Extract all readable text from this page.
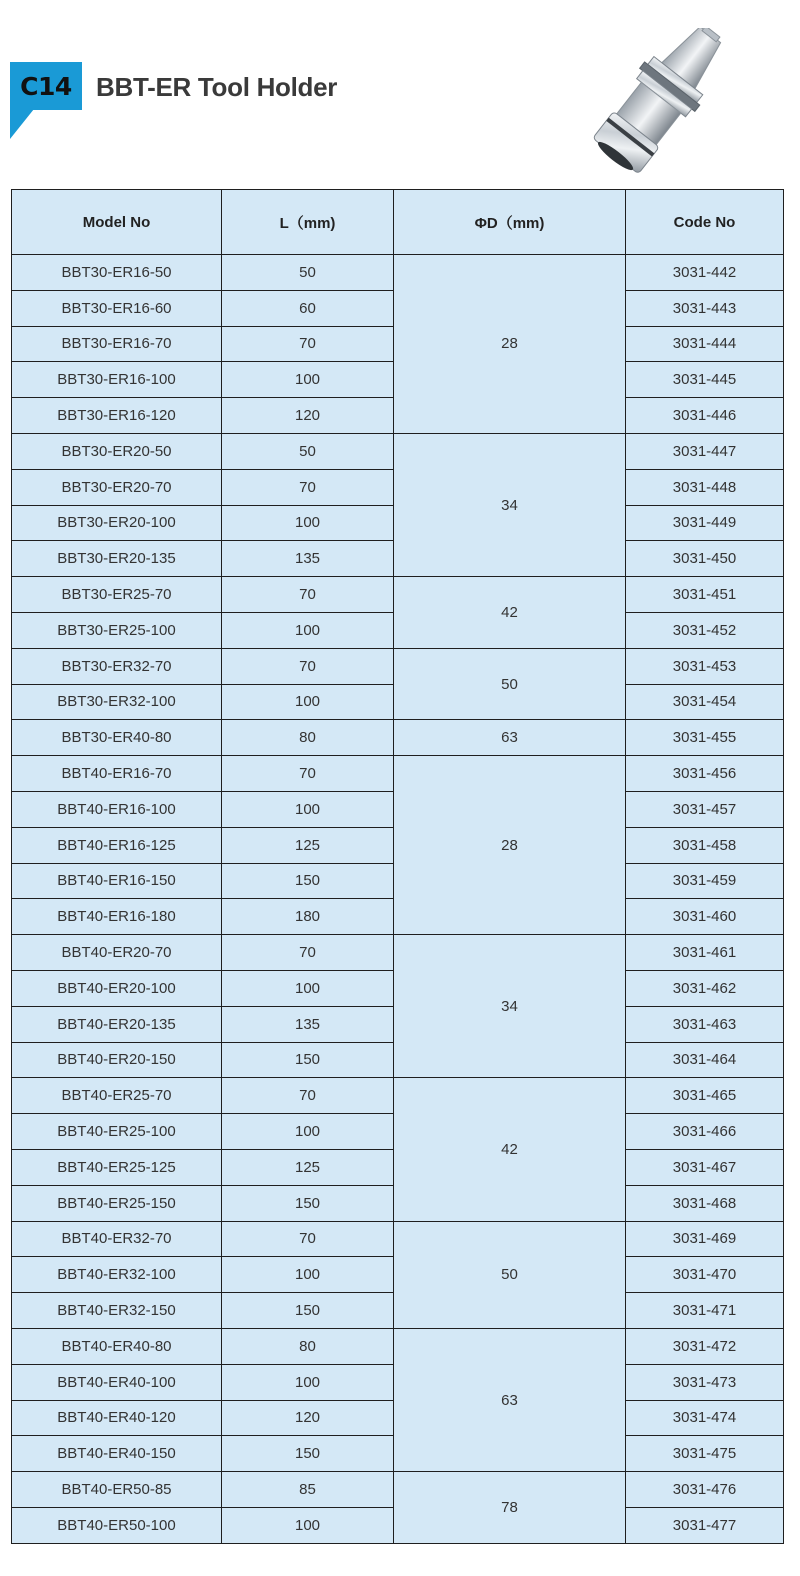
C14 BBT-ER Tool Holder
Model No	L（mm)	ΦD（mm)	Code No
BBT30-ER16-50	50	28	3031-442
BBT30-ER16-60	60		3031-443
BBT30-ER16-70	70		3031-444
BBT30-ER16-100	100		3031-445
BBT30-ER16-120	120		3031-446
BBT30-ER20-50	50	34	3031-447
BBT30-ER20-70	70		3031-448
BBT30-ER20-100	100		3031-449
BBT30-ER20-135	135		3031-450
BBT30-ER25-70	70	42	3031-451
BBT30-ER25-100	100		3031-452
BBT30-ER32-70	70	50	3031-453
BBT30-ER32-100	100		3031-454
BBT30-ER40-80	80	63	3031-455
BBT40-ER16-70	70	28	3031-456
BBT40-ER16-100	100		3031-457
BBT40-ER16-125	125		3031-458
BBT40-ER16-150	150		3031-459
BBT40-ER16-180	180		3031-460
BBT40-ER20-70	70	34	3031-461
BBT40-ER20-100	100		3031-462
BBT40-ER20-135	135		3031-463
BBT40-ER20-150	150		3031-464
BBT40-ER25-70	70	42	3031-465
BBT40-ER25-100	100		3031-466
BBT40-ER25-125	125		3031-467
BBT40-ER25-150	150		3031-468
BBT40-ER32-70	70	50	3031-469
BBT40-ER32-100	100		3031-470
BBT40-ER32-150	150		3031-471
BBT40-ER40-80	80	63	3031-472
BBT40-ER40-100	100		3031-473
BBT40-ER40-120	120		3031-474
BBT40-ER40-150	150		3031-475
BBT40-ER50-85	85	78	3031-476
BBT40-ER50-100	100		3031-477
